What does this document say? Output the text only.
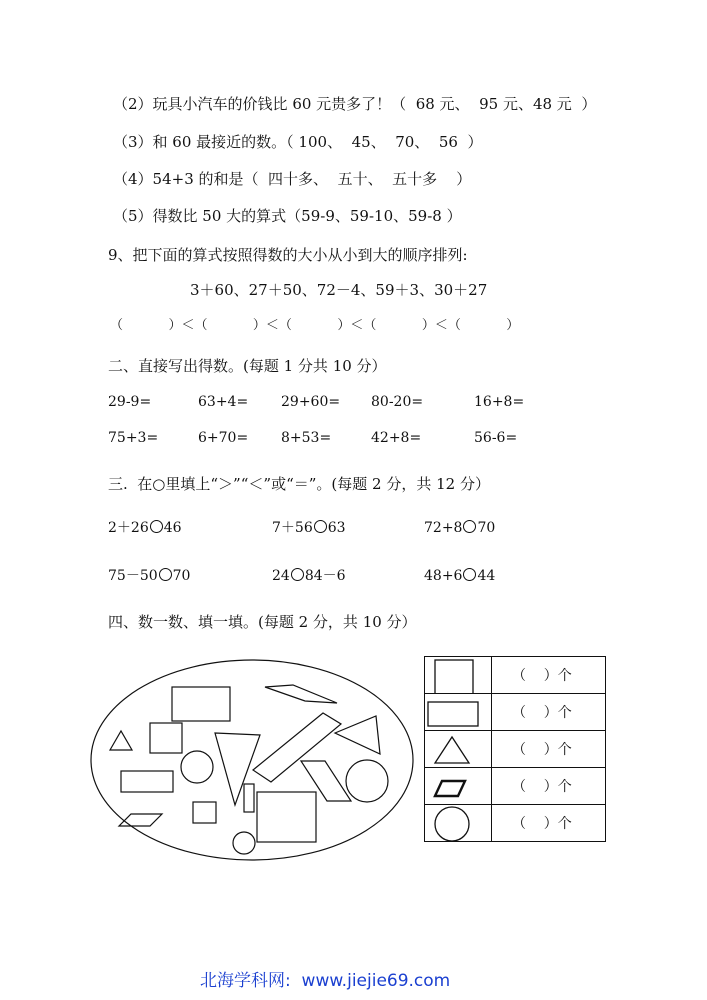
（2）玩具小汽车的价钱比 60 元贵多了！（  68 元、  95 元、48 元  ）
（3）和 60 最接近的数。（ 100、  45、  70、  56  ）
（4）54+3 的和是（  四十多、  五十、  五十多    ）
（5）得数比 50 大的算式（59-9、59-10、59-8 ）
9、把下面的算式按照得数的大小从小到大的顺序排列:
3＋60、27＋50、72－4、59＋3、30＋27
（           ）＜（           ）＜（           ）＜（           ）＜（           ）
二、直接写出得数。(每题 1 分共 10 分）
29-9=	63+4= 29+60= 80-20=	16+8=
75+3=	6+70= 8+53=	42+8=	56-6=
三.  在○里填上“＞”“＜”或“＝”。(每题 2 分，共 12 分）
2＋26 46	7＋56 63	72+8 70
75－50 70	24 84－6	48+6 44
四、数一数、填一填。(每题 2 分，共 10 分）
	（    ）个

	（    ）个

	（    ）个

	（    ）个

	（    ）个
北海学科网:  www.jiejie69.com
